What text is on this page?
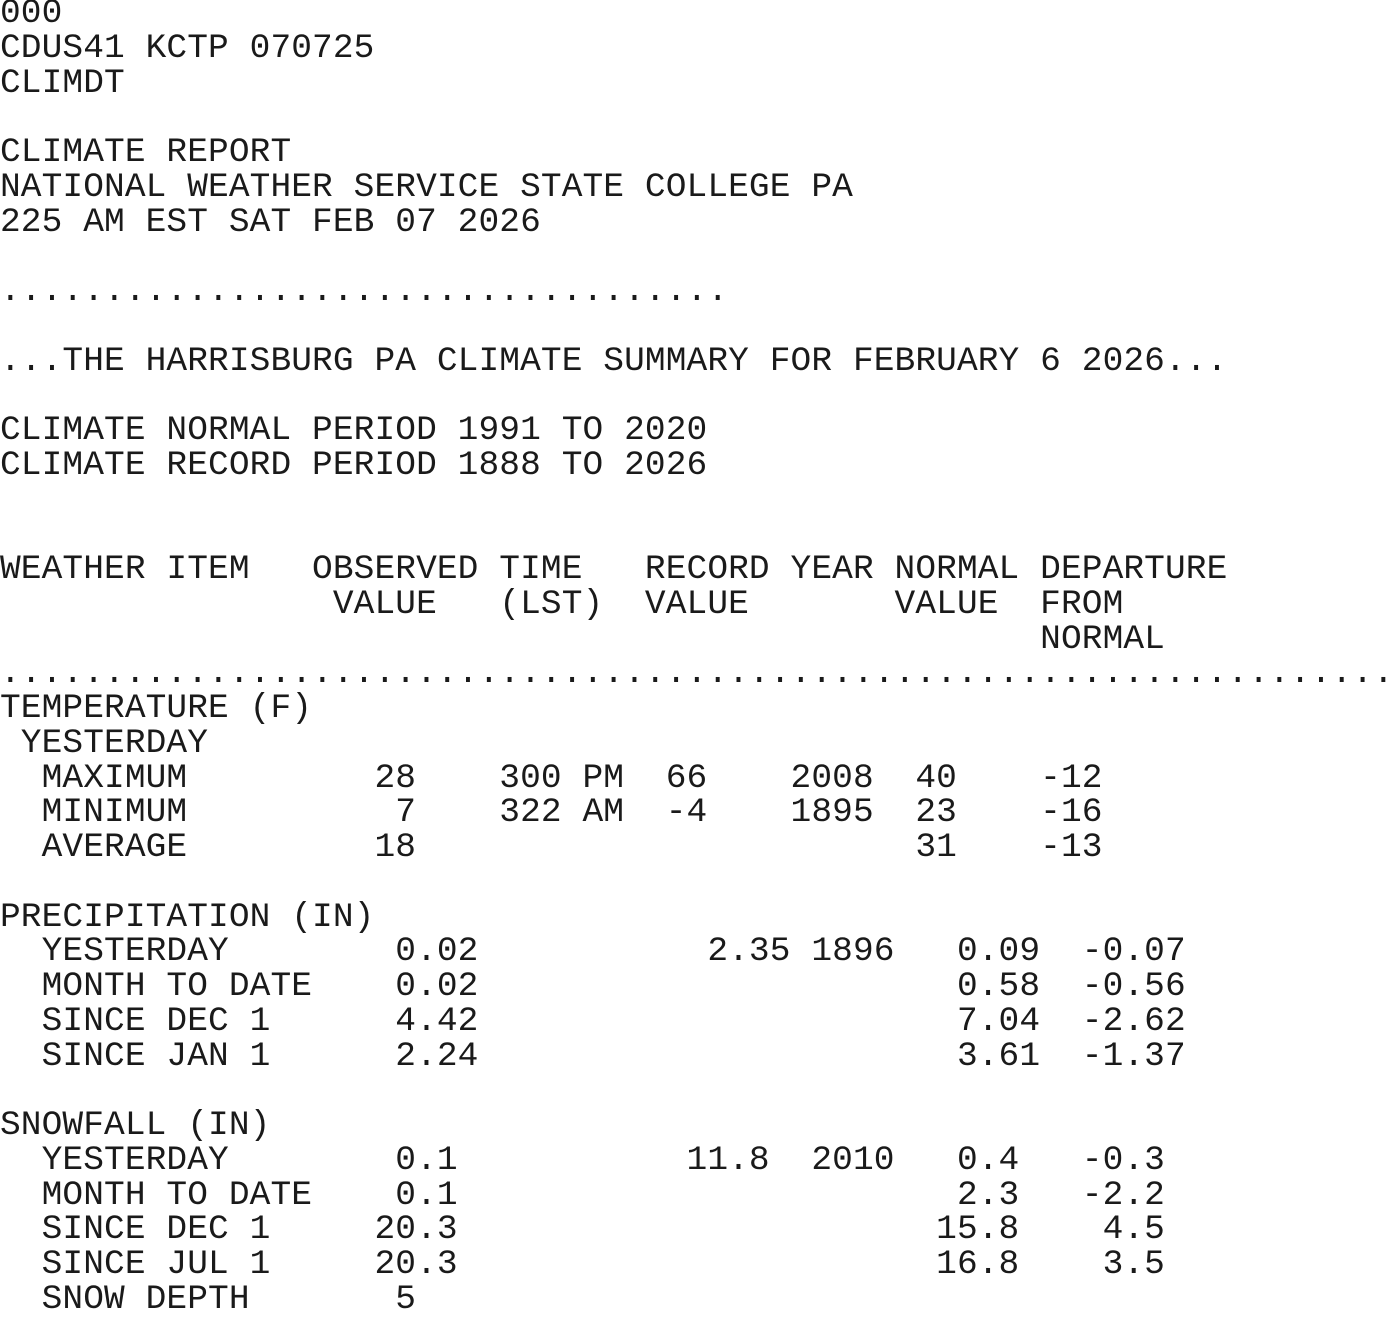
000
CDUS41 KCTP 070725
CLIMDT
CLIMATE REPORT
NATIONAL WEATHER SERVICE STATE COLLEGE PA
225 AM EST SAT FEB 07 2026
...................................
...THE HARRISBURG PA CLIMATE SUMMARY FOR FEBRUARY 6 2026...
CLIMATE NORMAL PERIOD 1991 TO 2020
CLIMATE RECORD PERIOD 1888 TO 2026
WEATHER ITEM   OBSERVED TIME   RECORD YEAR NORMAL DEPARTURE
VALUE   (LST)  VALUE       VALUE  FROM
NORMAL
...................................................................
TEMPERATURE (F)
YESTERDAY
MAXIMUM         28    300 PM  66    2008  40    -12
MINIMUM          7    322 AM  -4    1895  23    -16
AVERAGE         18                        31    -13
PRECIPITATION (IN)
YESTERDAY        0.02           2.35 1896   0.09  -0.07
MONTH TO DATE    0.02                       0.58  -0.56
SINCE DEC 1      4.42                       7.04  -2.62
SINCE JAN 1      2.24                       3.61  -1.37
SNOWFALL (IN)
YESTERDAY        0.1           11.8  2010   0.4   -0.3
MONTH TO DATE    0.1                        2.3   -2.2
SINCE DEC 1     20.3                       15.8    4.5
SINCE JUL 1     20.3                       16.8    3.5
SNOW DEPTH       5
